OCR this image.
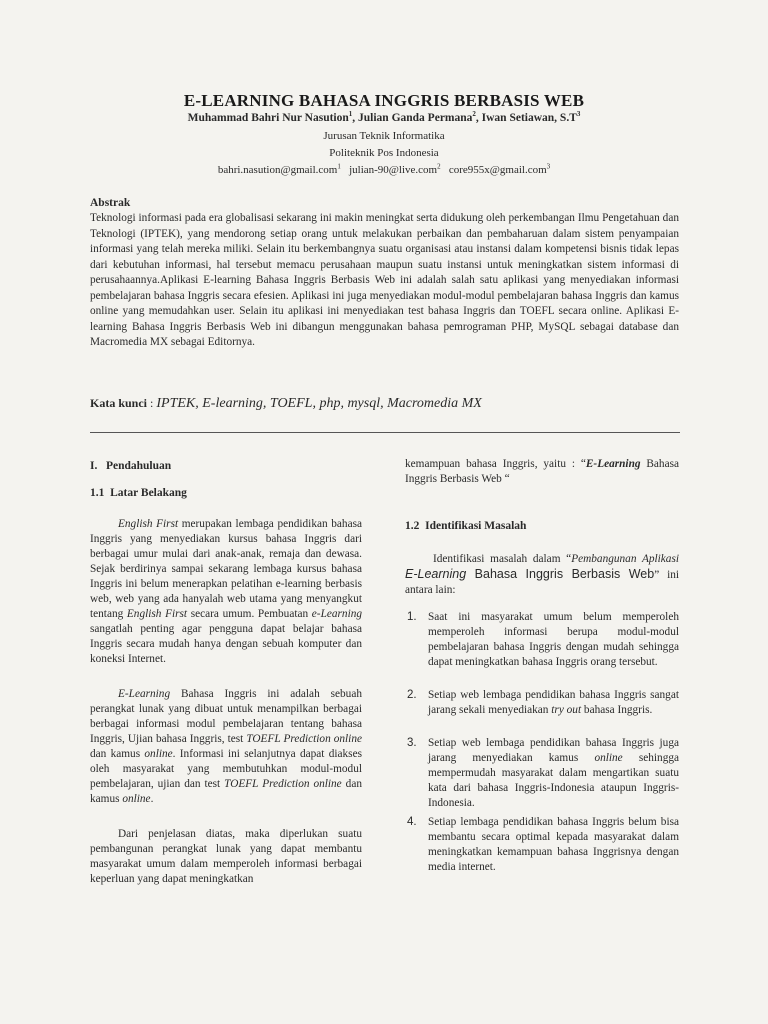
E-LEARNING BAHASA INGGRIS BERBASIS WEB
Muhammad Bahri Nur Nasution$^1$, Julian Ganda Permana$^2$, Iwan Setiawan, $S.T^3$
Jurusan Teknik Informatika
Politeknik Pos Indonesia
bahri.nasution@gmail.com$^1$ julian-90@live.com$^2$ core955x@gmail.com$^3$
Abstrak
Teknologi informasi pada era globalisasi sekarang ini makin meningkat serta didukung oleh perkembangan Ilmu Pengetahuan dan Teknologi (IPTEK), yang mendorong setiap orang untuk melakukan perbaikan dan pembaharuan dalam sistem penyampaian informasi yang telah mereka miliki. Selain itu berkembangnya suatu organisasi atau instansi dalam kompetensi bisnis tidak lepas dari kebutuhan informasi, hal tersebut memacu perusahaan maupun suatu instansi untuk meningkatkan sistem informasi di perusahaannya.Aplikasi E-learning Bahasa Inggris Berbasis Web ini adalah salah satu aplikasi yang menyediakan informasi pembelajaran bahasa Inggris secara efesien. Aplikasi ini juga menyediakan modul-modul pembelajaran bahasa Inggris dan kamus online yang memudahkan user. Selain itu aplikasi ini menyediakan test bahasa Inggris dan TOEFL secara online. Aplikasi E-learning Bahasa Inggris Berbasis Web ini dibangun menggunakan bahasa pemrograman PHP, MySQL sebagai database dan Macromedia MX sebagai Editornya.
Kata kunci : IPTEK, E-learning, TOEFL, php, mysql, Macromedia MX
I.   Pendahuluan
1.1  Latar Belakang

English First merupakan lembaga pendidikan bahasa Inggris yang menyediakan kursus bahasa Inggris dari berbagai umur mulai dari anak-anak, remaja dan dewasa. Sejak berdirinya sampai sekarang lembaga kursus bahasa Inggris ini belum menerapkan pelatihan e-learning berbasis web, web yang ada hanyalah web utama yang menyangkut tentang English First secara umum. Pembuatan e-Learning sangatlah penting agar pengguna dapat belajar bahasa Inggris secara mudah hanya dengan sebuah komputer dan koneksi Internet.

E-Learning Bahasa Inggris ini adalah sebuah perangkat lunak yang dibuat untuk menampilkan berbagai berbagai informasi modul pembelajaran tentang bahasa Inggris, Ujian bahasa Inggris, test TOEFL Prediction online dan kamus online. Informasi ini selanjutnya dapat diakses oleh masyarakat yang membutuhkan modul-modul pembelajaran, ujian dan test TOEFL Prediction online dan kamus online.

Dari penjelasan diatas, maka diperlukan suatu pembangunan perangkat lunak yang dapat membantu masyarakat umum dalam memperoleh informasi berbagai keperluan yang dapat meningkatkan

kemampuan bahasa Inggris, yaitu : “E-Learning Bahasa Inggris Berbasis Web “

1.2  Identifikasi Masalah

Identifikasi masalah dalam “Pembangunan Aplikasi E-Learning Bahasa Inggris Berbasis Web” ini antara lain:

1. Saat ini masyarakat umum belum memperoleh memperoleh informasi berupa modul-modul pembelajaran bahasa Inggris dengan mudah sehingga dapat meningkatkan bahasa Inggris orang tersebut.
2. Setiap web lembaga pendidikan bahasa Inggris sangat jarang sekali menyediakan try out bahasa Inggris.
3. Setiap web lembaga pendidikan bahasa Inggris juga jarang menyediakan kamus online sehingga mempermudah masyarakat dalam mengartikan suatu kata dari bahasa Inggris-Indonesia ataupun Inggris-Indonesia.
4. Setiap lembaga pendidikan bahasa Inggris belum bisa membantu secara optimal kepada masyarakat dalam meningkatkan kemampuan bahasa Inggrisnya dengan media internet.
